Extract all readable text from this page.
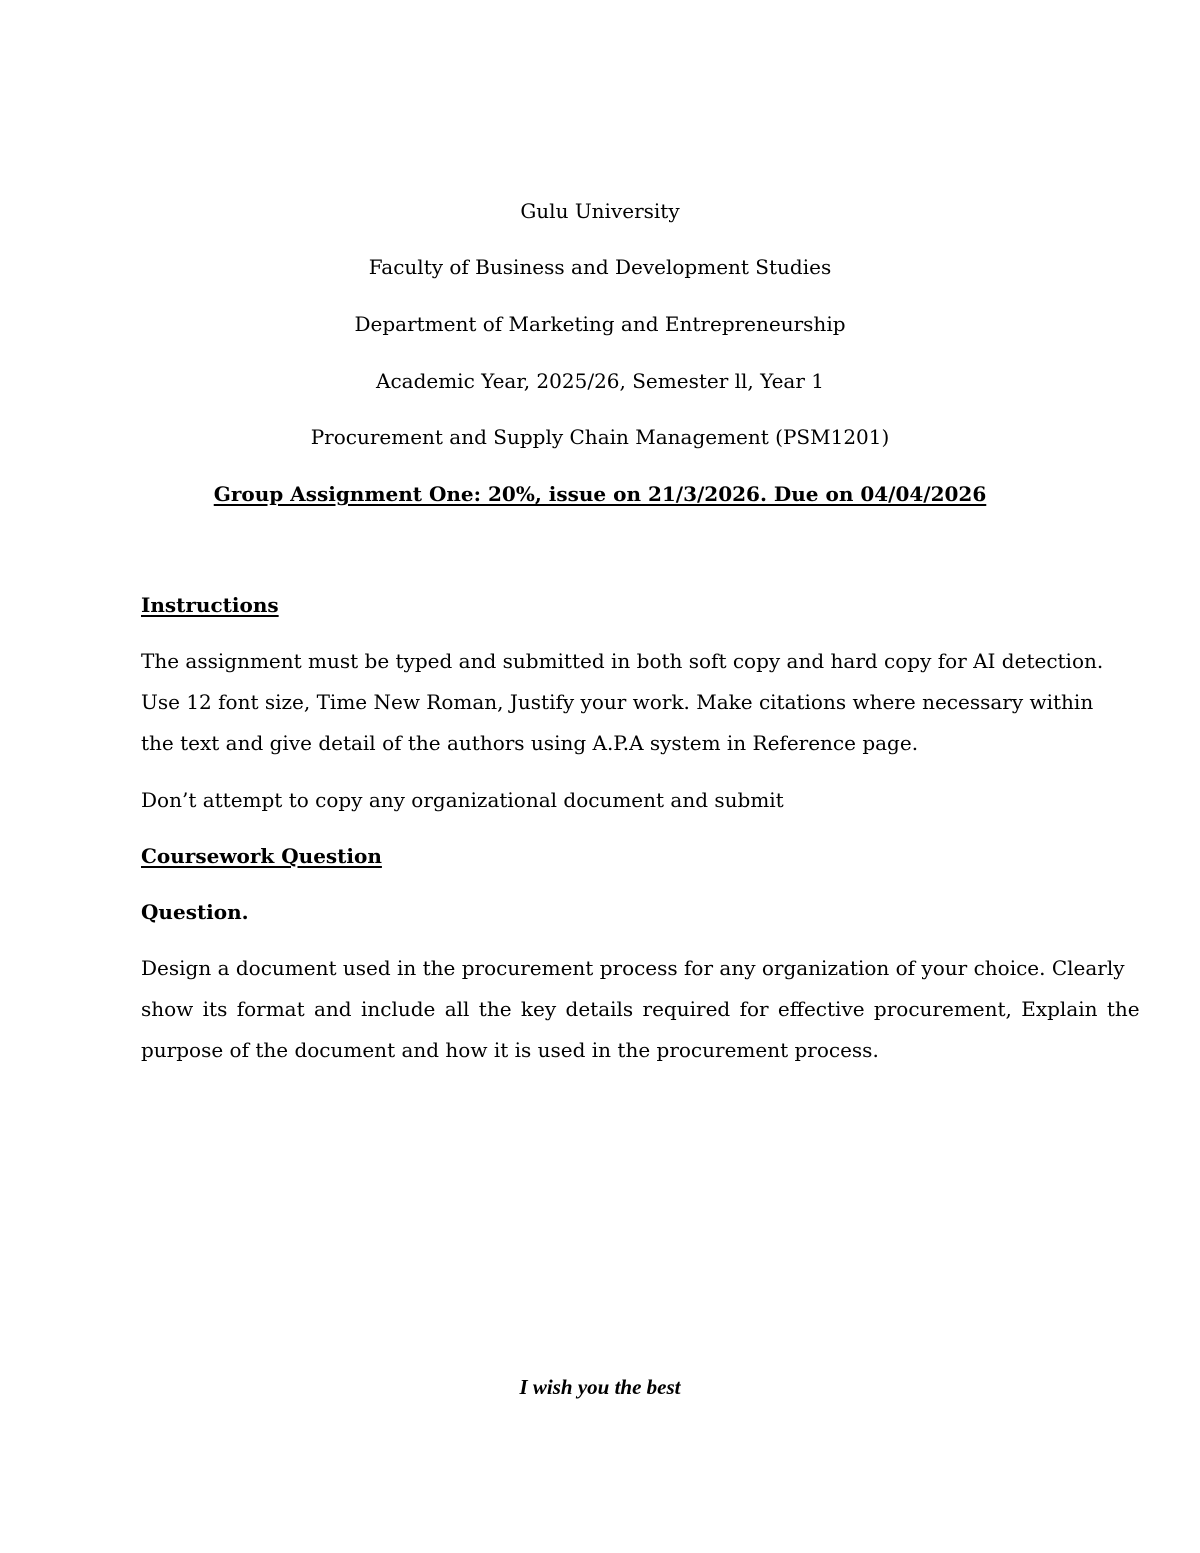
Gulu University
Faculty of Business and Development Studies
Department of Marketing and Entrepreneurship
Academic Year, 2025/26, Semester ll, Year 1
Procurement and Supply Chain Management (PSM1201)
Group Assignment One: 20%, issue on 21/3/2026. Due on 04/04/2026
Instructions
The assignment must be typed and submitted in both soft copy and hard copy for AI detection.
Use 12 font size, Time New Roman, Justify your work. Make citations where necessary within
the text and give detail of the authors using A.P.A system in Reference page.
Don’t attempt to copy any organizational document and submit
Coursework Question
Question.
Design a document used in the procurement process for any organization of your choice. Clearly
show its format and include all the key details required for effective procurement, Explain the
purpose of the document and how it is used in the procurement process.
I wish you the best
